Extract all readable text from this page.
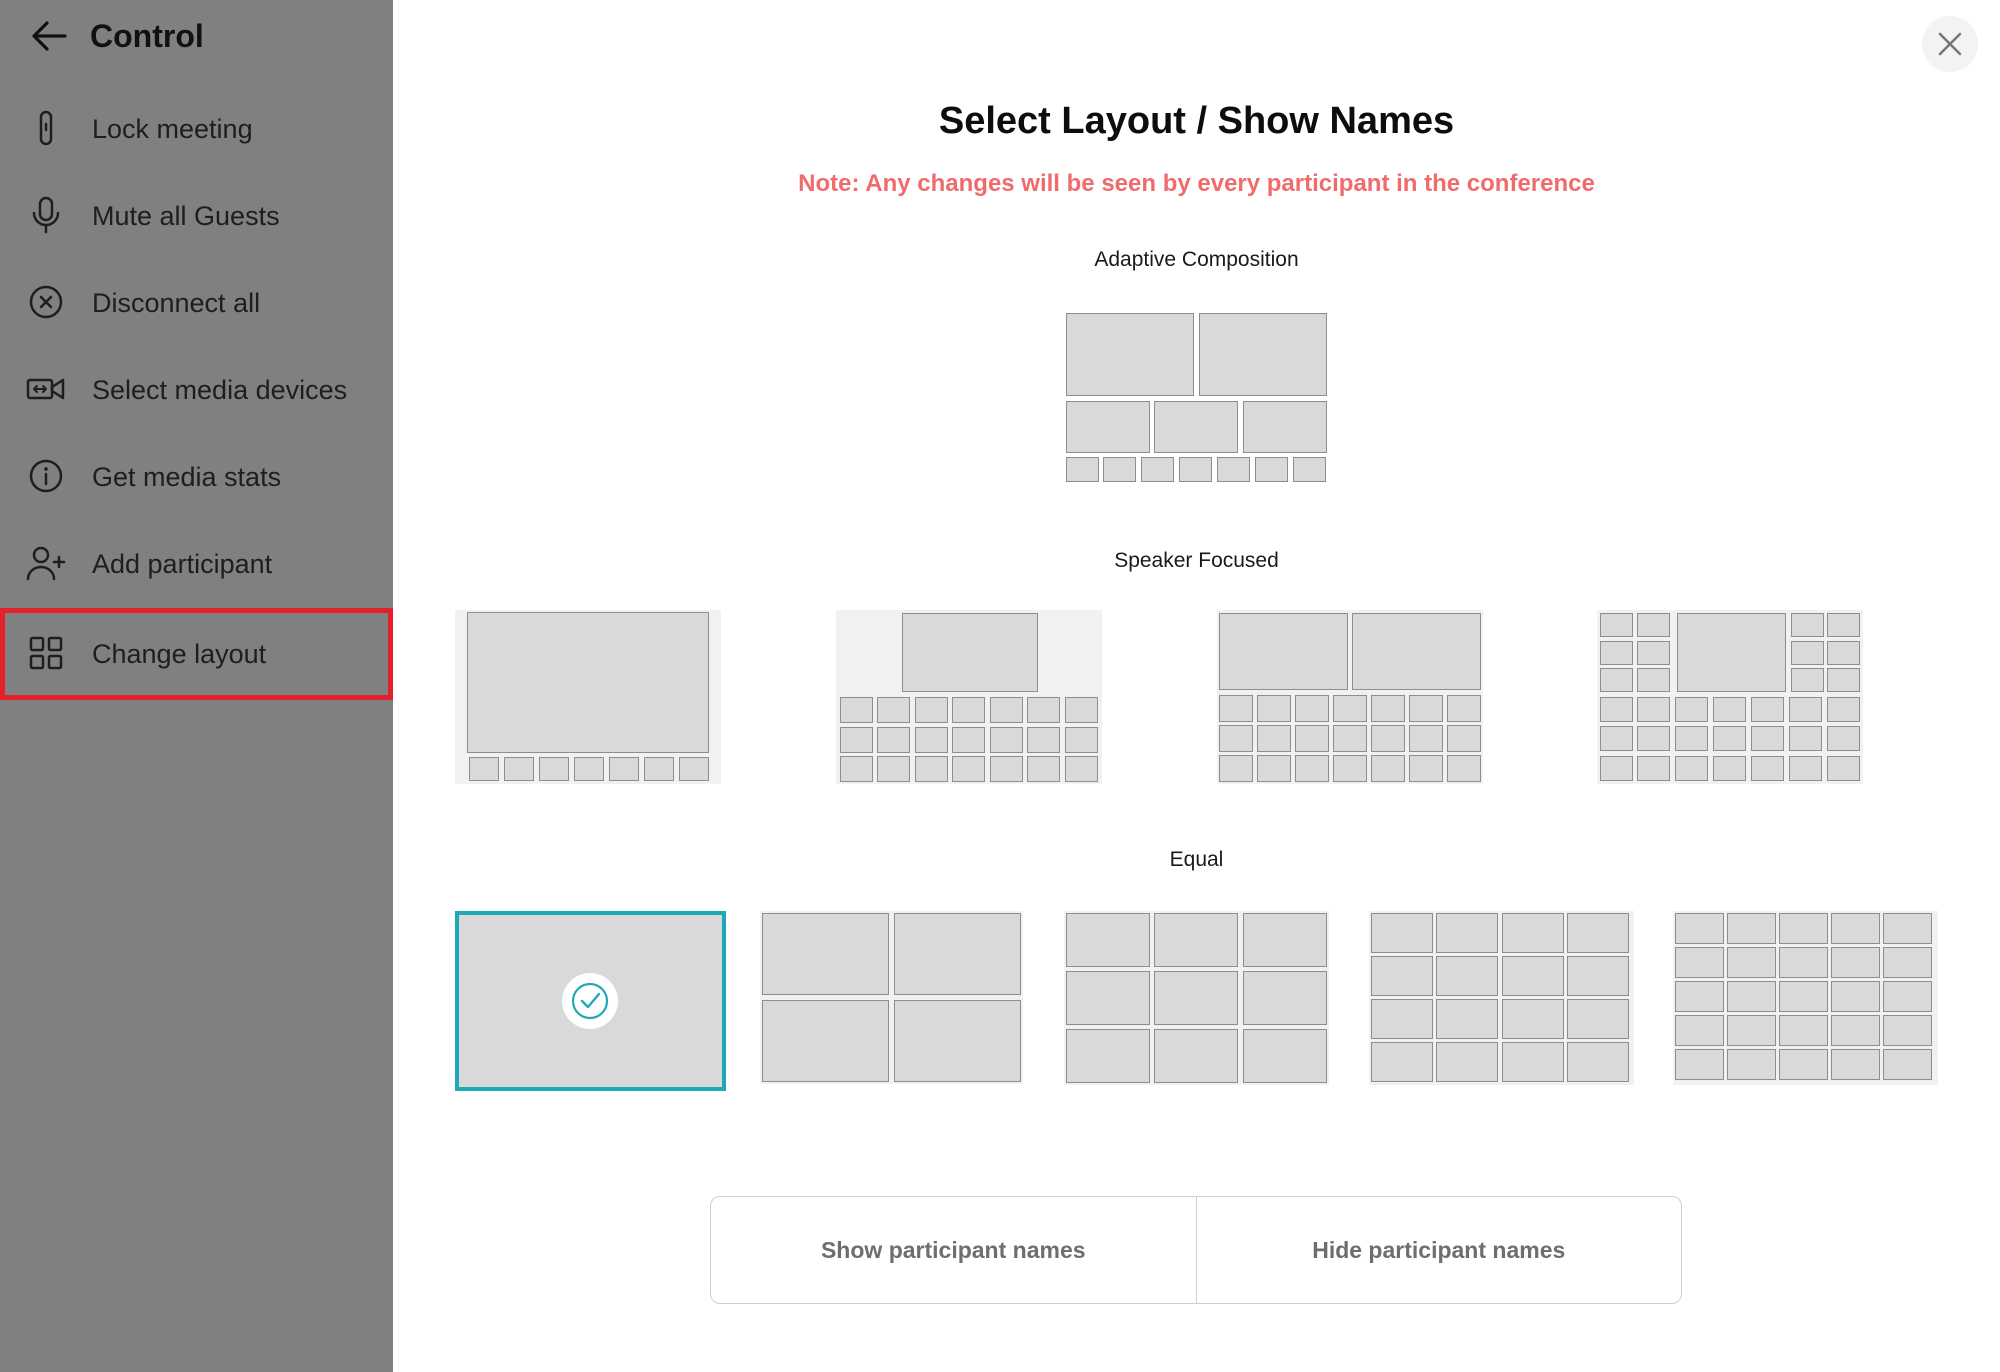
Control
Lock meeting
Mute all Guests
Disconnect all
Select media devices
Get media stats
Add participant
Change layout
Select Layout / Show Names
Note: Any changes will be seen by every participant in the conference
Adaptive Composition
Speaker Focused
Equal
Show participant names	Hide participant names
